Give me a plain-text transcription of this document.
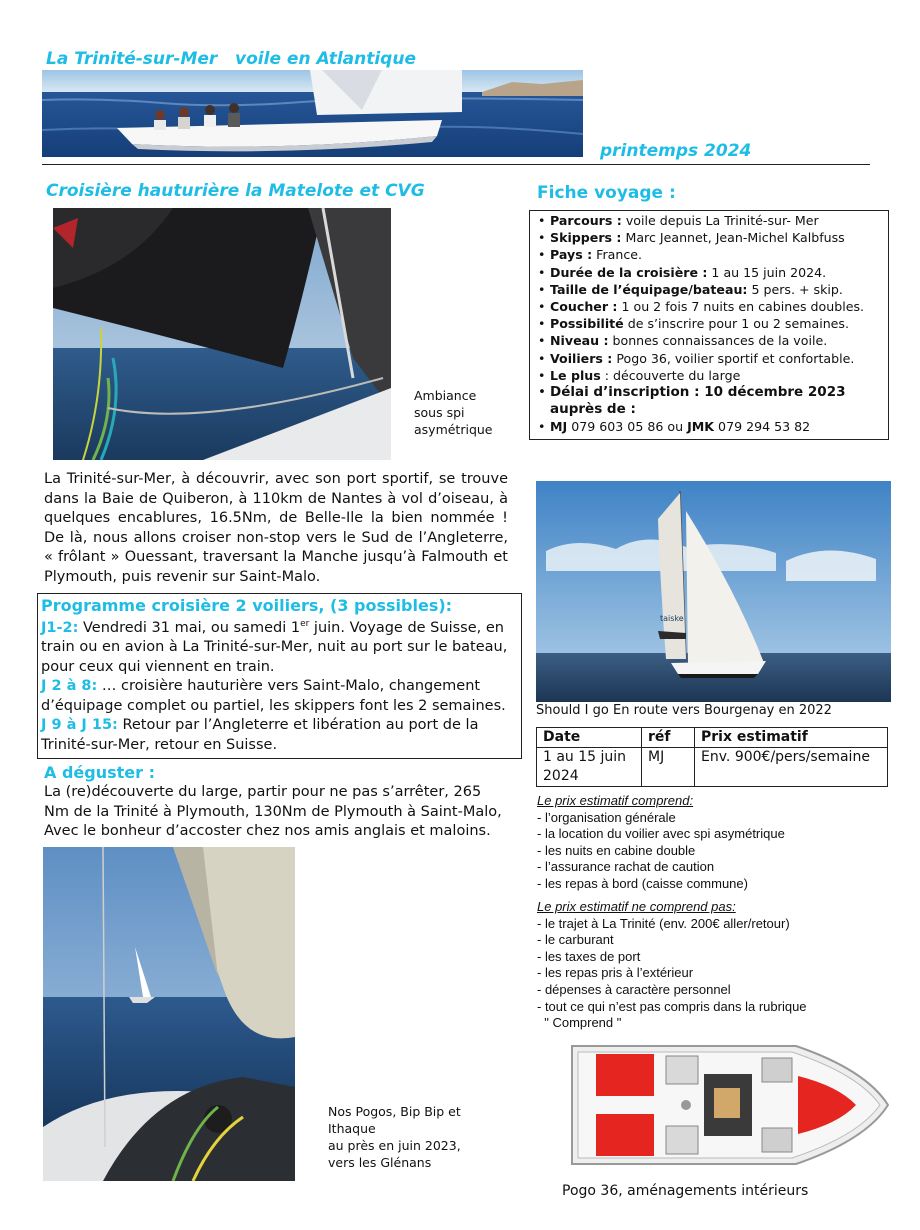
La Trinité-sur-Mer   voile en Atlantique
printemps 2024
Croisière hauturière la Matelote et CVG
Ambiance
sous spi
asymétrique
La Trinité-sur-Mer, à découvrir, avec son port sportif, se trouve dans la Baie de Quiberon, à 110km de Nantes à vol d’oiseau, à quelques encablures, 16.5Nm, de Belle-Ile la bien nommée ! De là, nous allons croiser non-stop vers le Sud de l’Angleterre, « frôlant » Ouessant, traversant la Manche jusqu’à Falmouth et Plymouth, puis revenir sur Saint-Malo.
Programme croisière 2 voiliers, (3 possibles):
J1-2: Vendredi 31 mai, ou samedi 1er juin. Voyage de Suisse, en train ou en avion à La Trinité-sur-Mer, nuit au port sur le bateau, pour ceux qui viennent en train.
J 2 à 8: … croisière hauturière vers Saint-Malo, changement d’équipage complet ou partiel, les skippers font les 2 semaines.
J 9 à J 15: Retour par l’Angleterre et libération au port de la Trinité-sur-Mer, retour en Suisse.
A déguster :
La (re)découverte du large, partir pour ne pas s’arrêter, 265 Nm de la Trinité à Plymouth, 130Nm de Plymouth à Saint-Malo, Avec le bonheur d’accoster chez nos amis anglais et maloins.
Nos Pogos, Bip Bip et
Ithaque
au près en juin 2023,
vers les Glénans
Fiche voyage :
• Parcours : voile depuis La Trinité-sur- Mer
• Skippers : Marc Jeannet, Jean-Michel Kalbfuss
• Pays : France.
• Durée de la croisière : 1 au 15 juin 2024.
• Taille de l’équipage/bateau: 5 pers. + skip.
• Coucher : 1 ou 2 fois 7 nuits en cabines doubles.
• Possibilité de s’inscrire pour 1 ou 2 semaines.
• Niveau : bonnes connaissances de la voile.
• Voiliers : Pogo 36, voilier sportif et confortable.
• Le plus : découverte du large
• Délai d’inscription : 10 décembre 2023 auprès de :
• MJ 079 603 05 86 ou JMK 079 294 53 82
taiske
Should I go En route vers Bourgenay en 2022
Date	réf	Prix estimatif
1 au 15 juin 2024	MJ	Env. 900€/pers/semaine
Le prix estimatif comprend:
- l’organisation générale
- la location du voilier avec spi asymétrique
- les nuits en cabine double
- l’assurance rachat de caution
- les repas à bord (caisse commune)
Le prix estimatif ne comprend pas:
- le trajet à La Trinité (env. 200€ aller/retour)
- le carburant
- les taxes de port
- les repas pris à l’extérieur
- dépenses à caractère personnel
- tout ce qui n’est pas compris dans la rubrique
" Comprend "
Pogo 36, aménagements intérieurs
